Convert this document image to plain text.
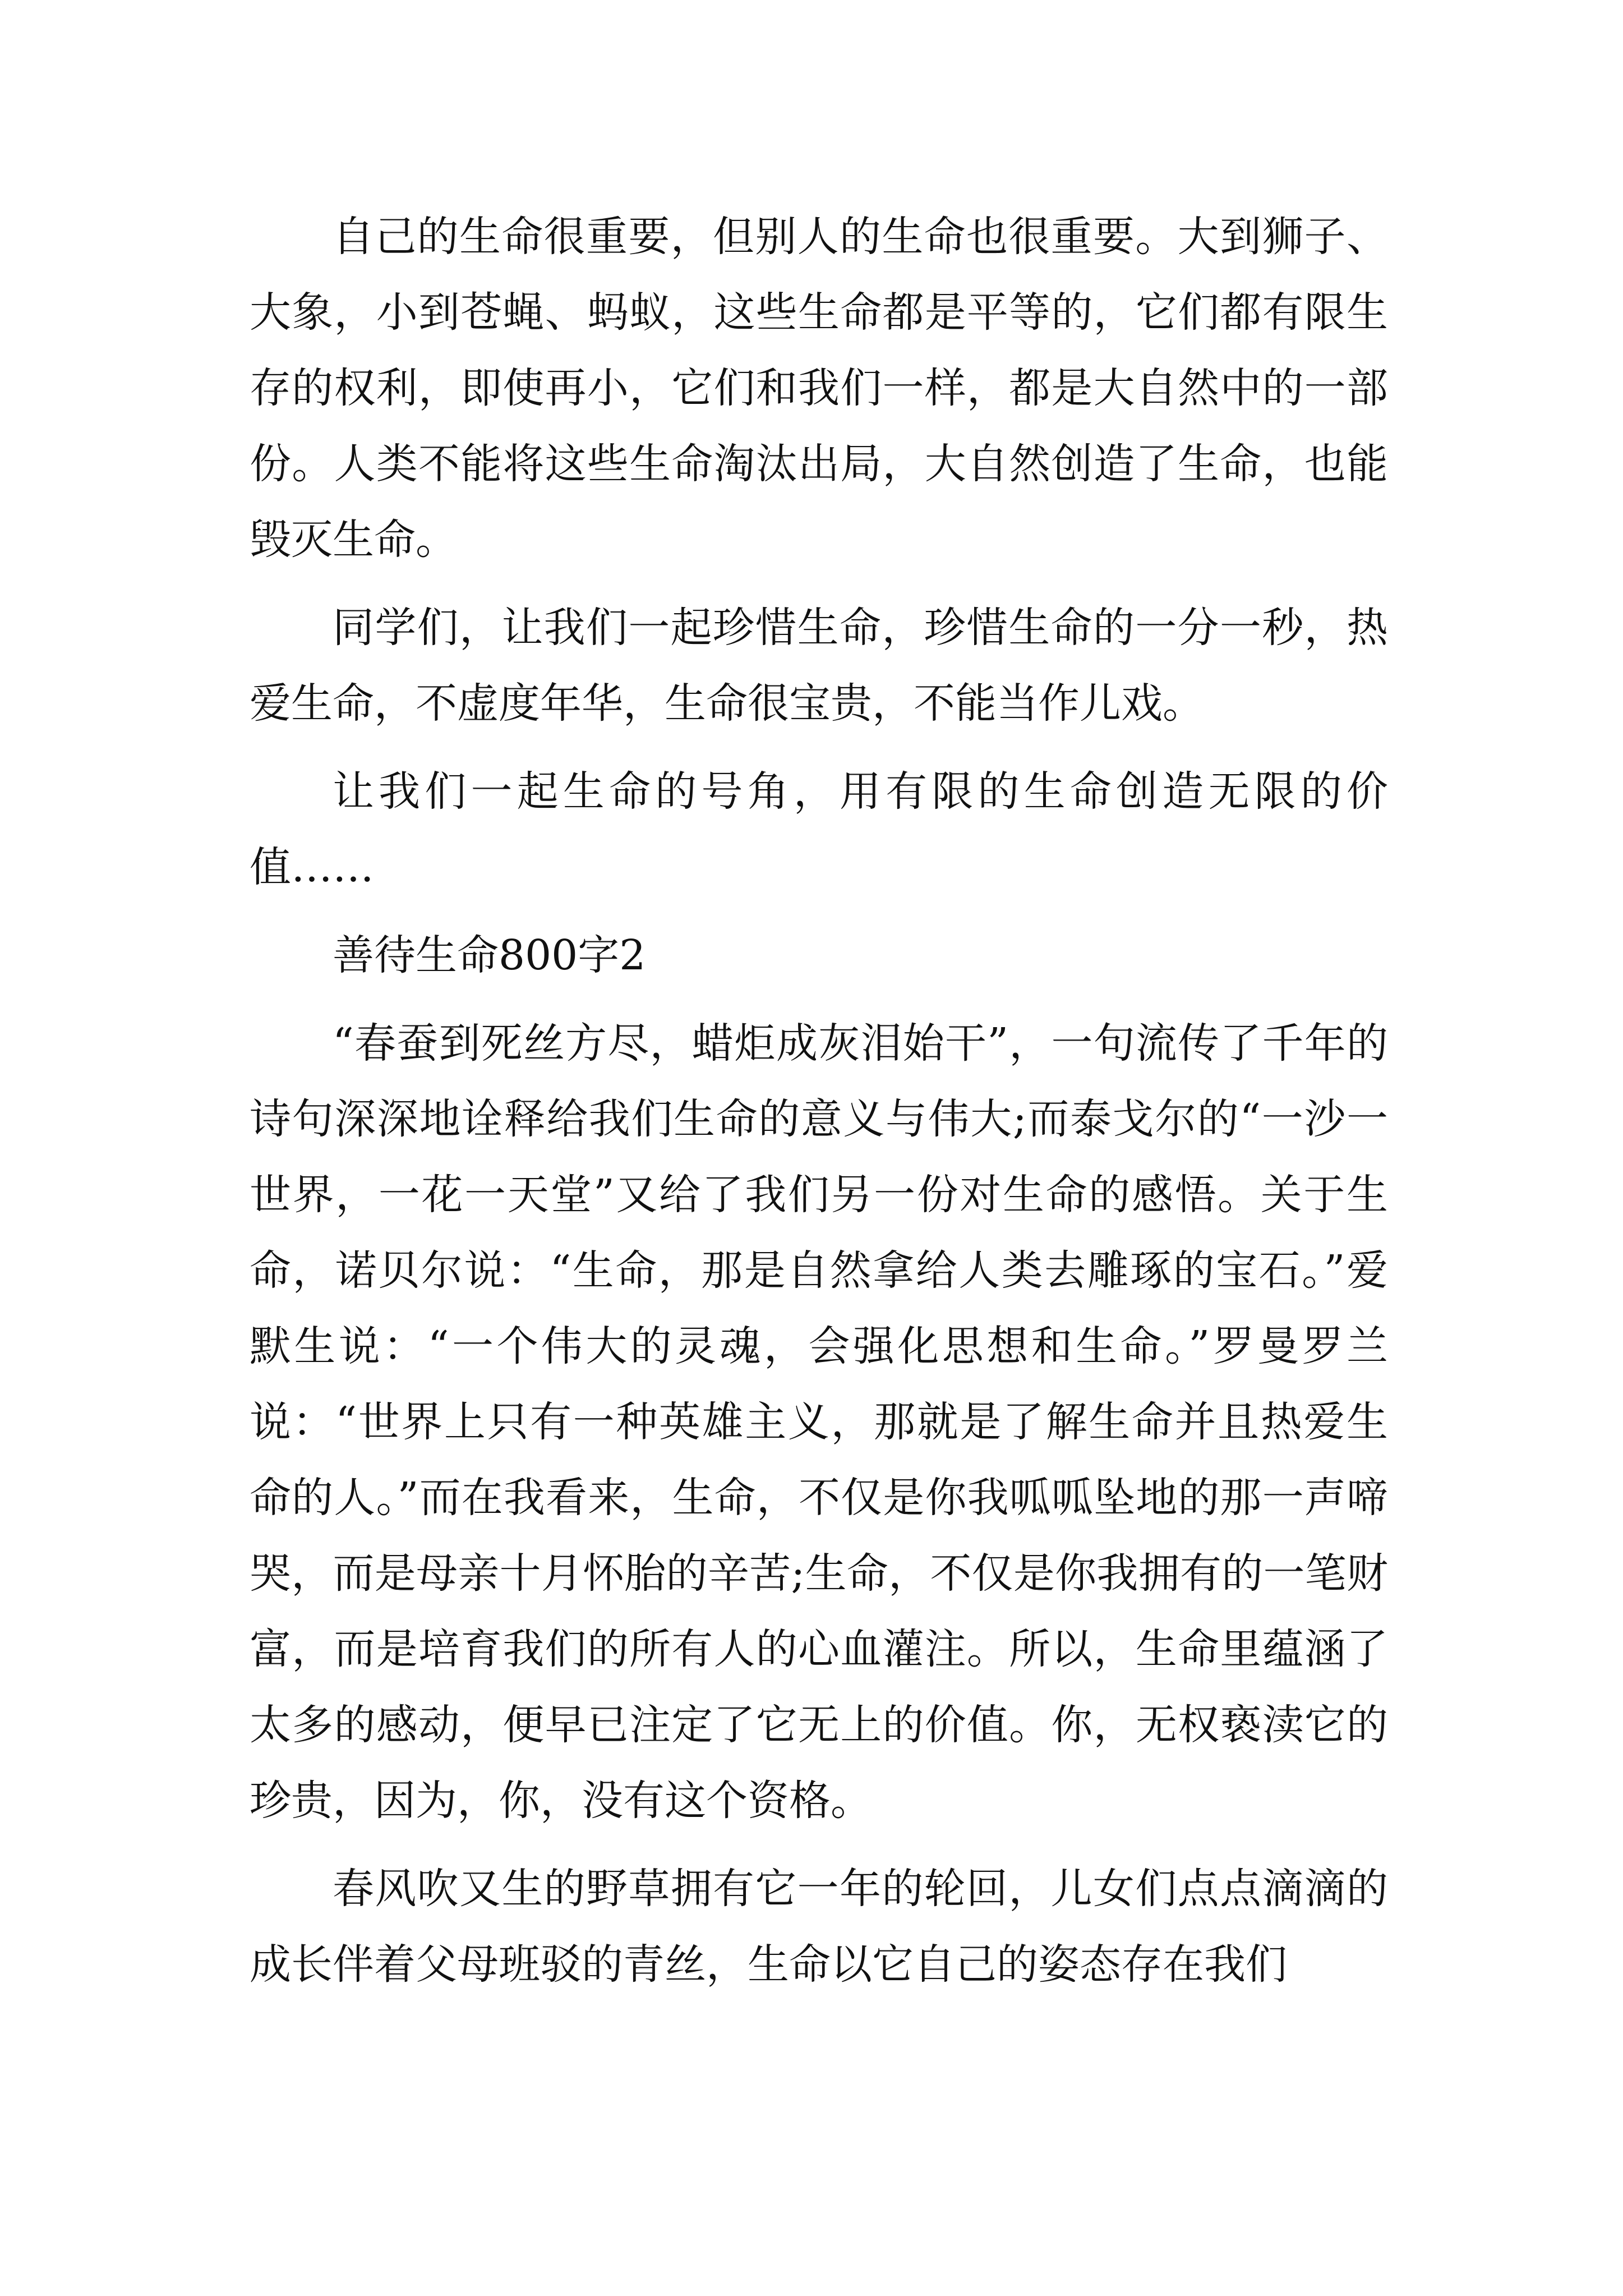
自己的生命很重要，但别人的生命也很重要。大到狮子、大象，小到苍蝇、蚂蚁，这些生命都是平等的，它们都有限生存的权利，即使再小，它们和我们一样，都是大自然中的一部份。人类不能将这些生命淘汰出局，大自然创造了生命，也能毁灭生命。

同学们，让我们一起珍惜生命，珍惜生命的一分一秒，热爱生命，不虚度年华，生命很宝贵，不能当作儿戏。

让我们一起生命的号角，用有限的生命创造无限的价值……

善待生命800字2

“春蚕到死丝方尽，蜡炬成灰泪始干”，一句流传了千年的诗句深深地诠释给我们生命的意义与伟大;而泰戈尔的“一沙一世界，一花一天堂”又给了我们另一份对生命的感悟。关于生命，诺贝尔说：“生命，那是自然拿给人类去雕琢的宝石。”爱默生说：“一个伟大的灵魂，会强化思想和生命。”罗曼罗兰说：“世界上只有一种英雄主义，那就是了解生命并且热爱生命的人。”而在我看来，生命，不仅是你我呱呱坠地的那一声啼哭，而是母亲十月怀胎的辛苦;生命，不仅是你我拥有的一笔财富，而是培育我们的所有人的心血灌注。所以，生命里蕴涵了太多的感动，便早已注定了它无上的价值。你，无权亵渎它的珍贵，因为，你，没有这个资格。

春风吹又生的野草拥有它一年的轮回，儿女们点点滴滴的成长伴着父母班驳的青丝，生命以它自己的姿态存在我们
